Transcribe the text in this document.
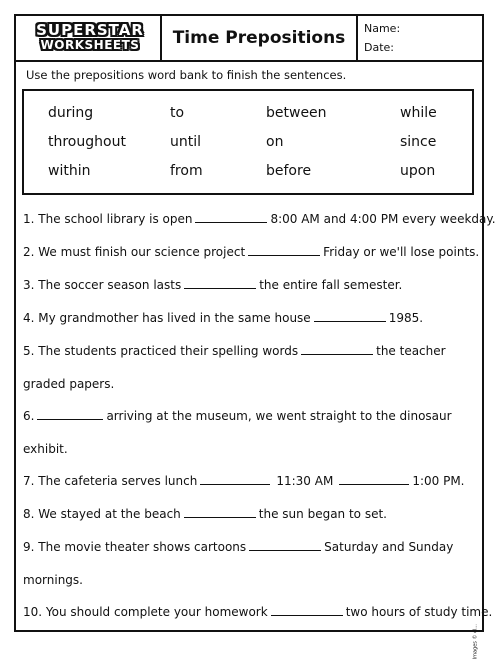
SUPERSTAR
WORKSHEETS	Time Prepositions	Name:
Date:
Use the prepositions word bank to finish the sentences.
during	to	between	while
throughout	until	on	since
within	from	before	upon
1. The school library is open	8:00 AM and 4:00 PM every weekday.
2. We must finish our science project	Friday or we'll lose points.
3. The soccer season lasts	the entire fall semester.
4. My grandmother has lived in the same house	1985.
5. The students practiced their spelling words	the teacher
graded papers.
6.	arriving at the museum, we went straight to the dinosaur
exhibit.
7. The cafeteria serves lunch	11:30 AM	1:00 PM.
8. We stayed at the beach	the sun began to set.
9. The movie theater shows cartoons	Saturday and Sunday
mornings.
10. You should complete your homework	two hours of study time.
Images © cl...
